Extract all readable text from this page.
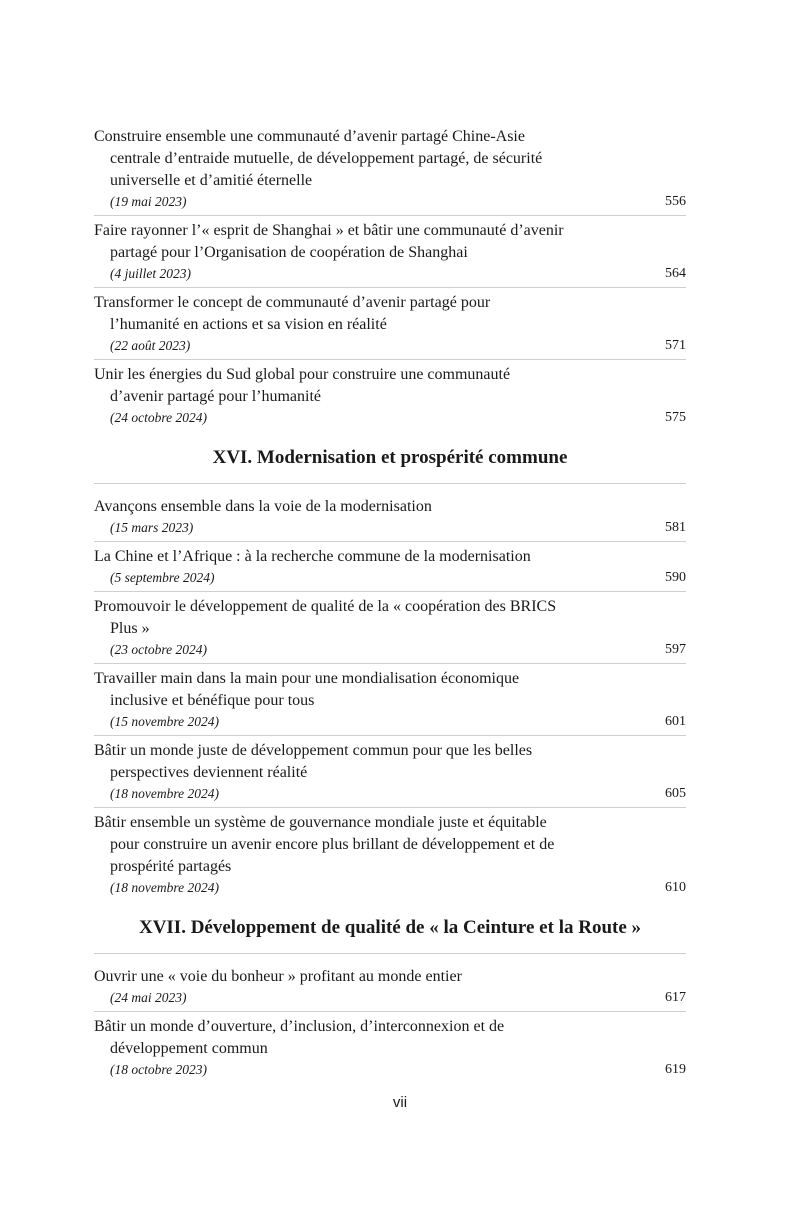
Construire ensemble une communauté d’avenir partagé Chine-Asie
centrale d’entraide mutuelle, de développement partagé, de sécurité
universelle et d’amitié éternelle
(19 mai 2023)	556
Faire rayonner l’« esprit de Shanghai » et bâtir une communauté d’avenir
partagé pour l’Organisation de coopération de Shanghai
(4 juillet 2023)	564
Transformer le concept de communauté d’avenir partagé pour
l’humanité en actions et sa vision en réalité
(22 août 2023)	571
Unir les énergies du Sud global pour construire une communauté
d’avenir partagé pour l’humanité
(24 octobre 2024)	575
XVI. Modernisation et prospérité commune
Avançons ensemble dans la voie de la modernisation
(15 mars 2023)	581
La Chine et l’Afrique : à la recherche commune de la modernisation
(5 septembre 2024)	590
Promouvoir le développement de qualité de la « coopération des BRICS
Plus »
(23 octobre 2024)	597
Travailler main dans la main pour une mondialisation économique
inclusive et bénéfique pour tous
(15 novembre 2024)	601
Bâtir un monde juste de développement commun pour que les belles
perspectives deviennent réalité
(18 novembre 2024)	605
Bâtir ensemble un système de gouvernance mondiale juste et équitable
pour construire un avenir encore plus brillant de développement et de
prospérité partagés
(18 novembre 2024)	610
XVII. Développement de qualité de « la Ceinture et la Route »
Ouvrir une « voie du bonheur » profitant au monde entier
(24 mai 2023)	617
Bâtir un monde d’ouverture, d’inclusion, d’interconnexion et de
développement commun
(18 octobre 2023)	619
vii
